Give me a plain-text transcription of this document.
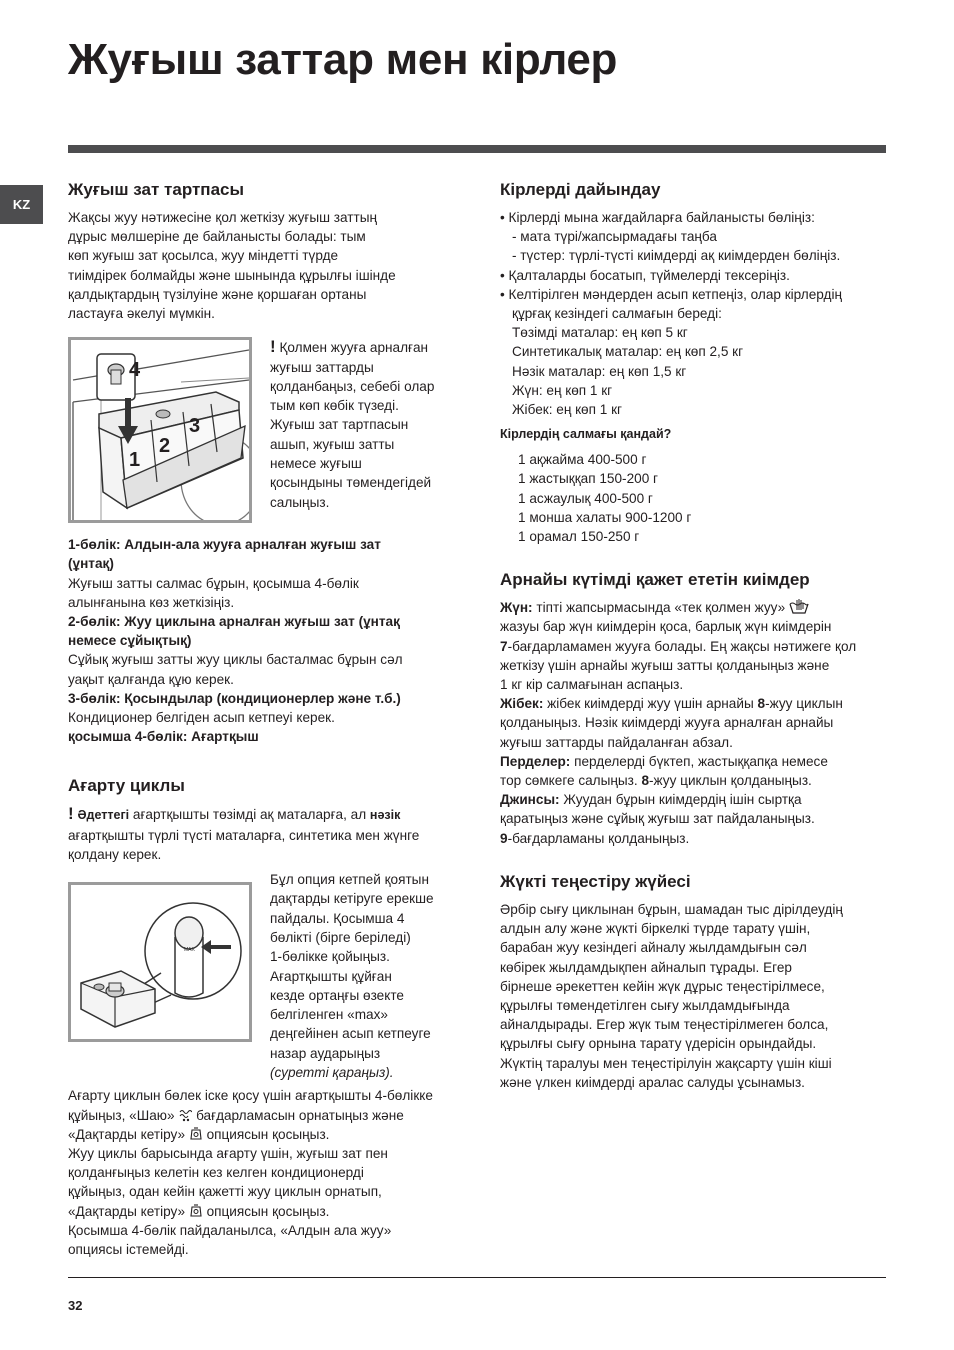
Жуғыш заттар мен кірлер
KZ
Жуғыш зат тартпасы

Жақсы жуу нәтижесіне қол жеткізу жуғыш заттың

дұрыс мөлшеріне де байланысты болады: тым

көп жуғыш зат қосылса, жуу міндетті түрде

тиімдірек болмайды және шынында құрылғы ішінде

қалдықтардың түзілуіне және қоршаған ортаны

ластауға әкелуі мүмкін.

4
1
2
3
! Қолмен жууға арналған
жуғыш заттарды
қолданбаңыз, себебі олар
тым көп көбік түзеді.
Жуғыш зат тартпасын
ашып, жуғыш затты
немесе жуғыш
қосындыны төмендегідей
салыңыз.

1-бөлік: Алдын-ала жууға арналған жуғыш зат

(ұнтақ)

Жуғыш затты салмас бұрын, қосымша 4-бөлік

алынғанына көз жеткізіңіз.

2-бөлік: Жуу циклына арналған жуғыш зат (ұнтақ

немесе сұйықтық)

Сұйық жуғыш затты жуу циклы басталмас бұрын сәл

уақыт қалғанда құю керек.

3-бөлік: Қосындылар (кондиционерлер және т.б.)

Кондиционер белгіден асып кетпеуі керек.

қосымша 4-бөлік: Ағартқыш

Ағарту циклы

! Әдеттегі ағартқышты төзімді ақ маталарға, ал нәзік

ағартқышты түрлі түсті маталарға, синтетика мен жүнге

қолдану керек.

MAX
Бұл опция кетпей қоятын
дақтарды кетіруге ерекше
пайдалы. Қосымша 4
бөлікті (бірге беріледі)
1-бөлікке қойыңыз.
Ағартқышты құйған
кезде ортаңғы өзекте
белгіленген «max»
деңгейінен асып кетпеуге
назар аударыңыз
(суретті қараңыз).

Ағарту циклын бөлек іске қосу үшін ағартқышты 4-бөлікке

құйыңыз, «Шаю» бағдарламасын орнатыңыз және

«Дақтарды кетіру» опциясын қосыңыз.

Жуу циклы барысында ағарту үшін, жуғыш зат пен

қолданғыңыз келетін кез келген кондиционерді

құйыңыз, одан кейін қажетті жуу циклын орнатып,

«Дақтарды кетіру» опциясын қосыңыз.

Қосымша 4-бөлік пайдаланылса, «Алдын ала жуу»

опциясы істемейді.

Кірлерді дайындау

• Кірлерді мына жағдайларға байланысты бөліңіз:

- мата түрі/жапсырмадағы таңба

- түстер: түрлі-түсті киімдерді ақ киімдерден бөліңіз.

• Қалталарды босатып, түймелерді тексеріңіз.

• Келтірілген мәндерден асып кетпеңіз, олар кірлердің

құрғақ кезіндегі салмағын береді:

Төзімді маталар: ең көп 5 кг

Синтетикалық маталар: ең көп 2,5 кг

Нәзік маталар: ең көп 1,5 кг

Жүн: ең көп 1 кг

Жібек: ең көп 1 кг

Кірлердің салмағы қандай?

1 ақжайма 400-500 г

1 жастыққап 150-200 г

1 асжаулық 400-500 г

1 монша халаты 900-1200 г

1 орамал 150-250 г

Арнайы күтімді қажет ететін киімдер

Жүн: тіпті жапсырмасында «тек қолмен жуу»

жазуы бар жүн киімдерін қоса, барлық жүн киімдерін

7-бағдарламамен жууға болады. Ең жақсы нәтижеге қол

жеткізу үшін арнайы жуғыш затты қолданыңыз және

1 кг кір салмағынан аспаңыз.

Жібек: жібек киімдерді жуу үшін арнайы 8-жуу циклын

қолданыңыз. Нәзік киімдерді жууға арналған арнайы

жуғыш заттарды пайдаланған абзал.

Перделер: перделерді бүктеп, жастыққапқа немесе

тор сөмкеге салыңыз. 8-жуу циклын қолданыңыз.

Джинсы: Жуудан бұрын киімдердің ішін сыртқа

қаратыңыз және сұйық жуғыш зат пайдаланыңыз.

9-бағдарламаны қолданыңыз.

Жүкті теңестіру жүйесі

Әрбір сығу циклынан бұрын, шамадан тыс дірілдеудің

алдын алу және жүкті біркелкі түрде тарату үшін,

барабан жуу кезіндегі айналу жылдамдығын сәл

көбірек жылдамдықпен айналып тұрады. Егер

бірнеше әрекеттен кейін жүк дұрыс теңестірілмесе,

құрылғы төмендетілген сығу жылдамдығында

айналдырады. Егер жүк тым теңестірілмеген болса,

құрылғы сығу орнына тарату үдерісін орындайды.

Жүктің таралуы мен теңестірілуін жақсарту үшін кіші

және үлкен киімдерді аралас салуды ұсынамыз.

32
